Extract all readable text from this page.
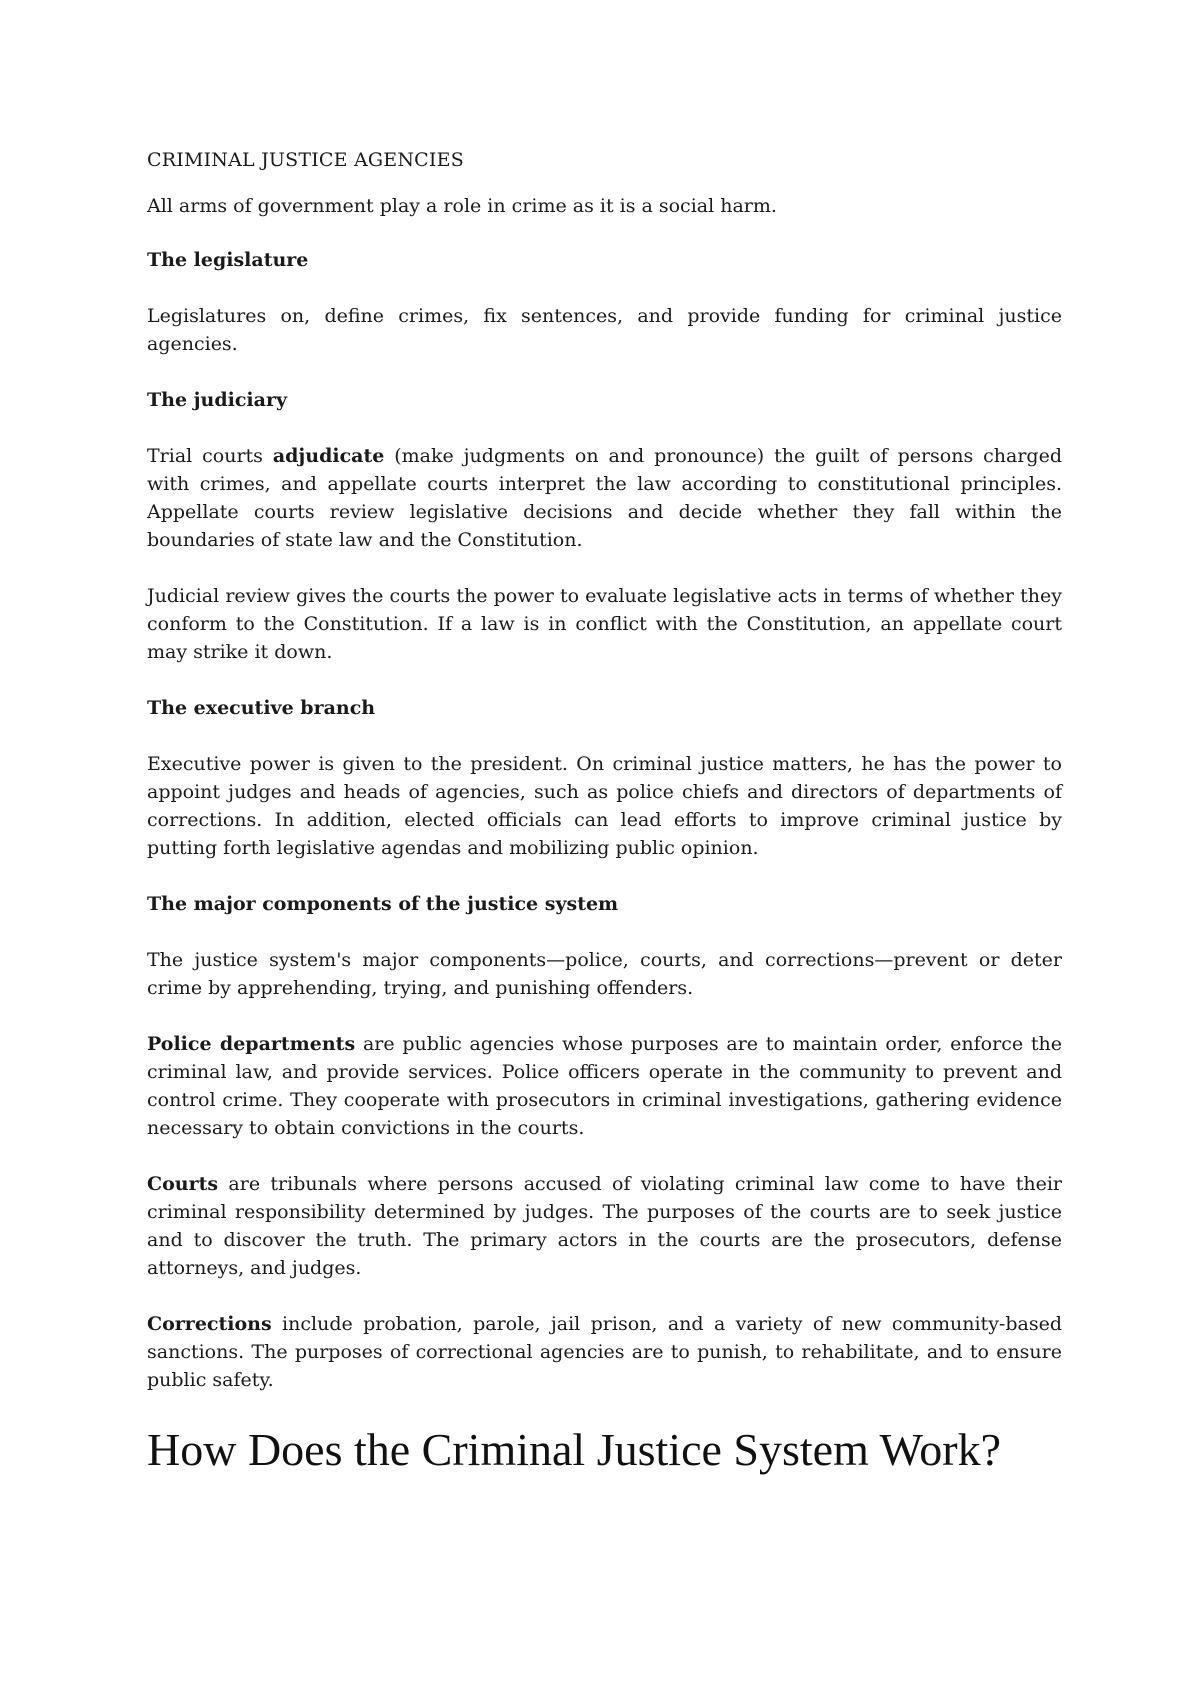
CRIMINAL JUSTICE AGENCIES

All arms of government play a role in crime as it is a social harm.

The legislature

Legislatures on, define crimes, fix sentences, and provide funding for criminal justice agencies.

The judiciary

Trial courts adjudicate (make judgments on and pronounce) the guilt of persons charged with crimes, and appellate courts interpret the law according to constitutional principles. Appellate courts review legislative decisions and decide whether they fall within the boundaries of state law and the Constitution.

Judicial review gives the courts the power to evaluate legislative acts in terms of whether they conform to the Constitution. If a law is in conflict with the Constitution, an appellate court may strike it down.

The executive branch

Executive power is given to the president. On criminal justice matters, he has the power to appoint judges and heads of agencies, such as police chiefs and directors of departments of corrections. In addition, elected officials can lead efforts to improve criminal justice by putting forth legislative agendas and mobilizing public opinion.

The major components of the justice system

The justice system's major components—police, courts, and corrections—prevent or deter crime by apprehending, trying, and punishing offenders.

Police departments are public agencies whose purposes are to maintain order, enforce the criminal law, and provide services. Police officers operate in the community to prevent and control crime. They cooperate with prosecutors in criminal investigations, gathering evidence necessary to obtain convictions in the courts.

Courts are tribunals where persons accused of violating criminal law come to have their criminal responsibility determined by judges. The purposes of the courts are to seek justice and to discover the truth. The primary actors in the courts are the prosecutors, defense attorneys, and judges.

Corrections include probation, parole, jail prison, and a variety of new community-based sanctions. The purposes of correctional agencies are to punish, to rehabilitate, and to ensure public safety.

How Does the Criminal Justice System Work?
